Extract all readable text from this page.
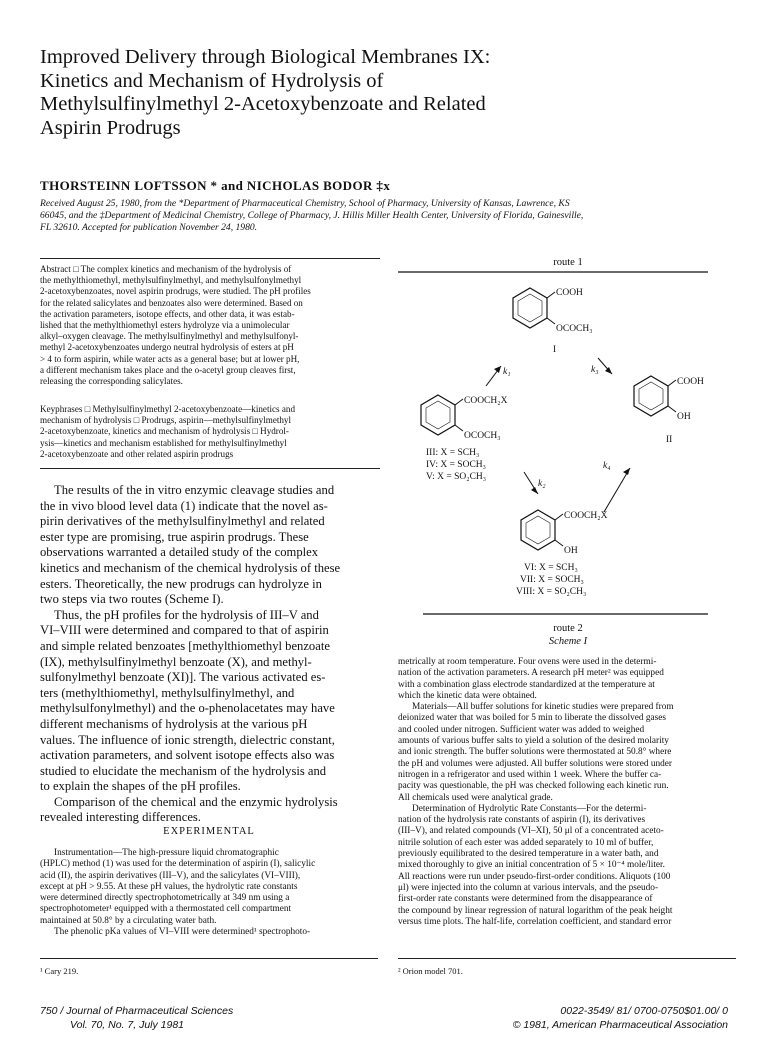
Improved Delivery through Biological Membranes IX:
Kinetics and Mechanism of Hydrolysis of
Methylsulfinylmethyl 2-Acetoxybenzoate and Related
Aspirin Prodrugs
THORSTEINN LOFTSSON * and NICHOLAS BODOR ‡x
Received August 25, 1980, from the *Department of Pharmaceutical Chemistry, School of Pharmacy, University of Kansas, Lawrence, KS
66045, and the ‡Department of Medicinal Chemistry, College of Pharmacy, J. Hillis Miller Health Center, University of Florida, Gainesville,
FL 32610. Accepted for publication November 24, 1980.
Abstract □ The complex kinetics and mechanism of the hydrolysis of
the methylthiomethyl, methylsulfinylmethyl, and methylsulfonylmethyl
2-acetoxybenzoates, novel aspirin prodrugs, were studied. The pH profiles
for the related salicylates and benzoates also were determined. Based on
the activation parameters, isotope effects, and other data, it was estab-
lished that the methylthiomethyl esters hydrolyze via a unimolecular
alkyl–oxygen cleavage. The methylsulfinylmethyl and methylsulfonyl-
methyl 2-acetoxybenzoates undergo neutral hydrolysis of esters at pH
> 4 to form aspirin, while water acts as a general base; but at lower pH,
a different mechanism takes place and the o-acetyl group cleaves first,
releasing the corresponding salicylates.
Keyphrases □ Methylsulfinylmethyl 2-acetoxybenzoate—kinetics and
mechanism of hydrolysis □ Prodrugs, aspirin—methylsulfinylmethyl
2-acetoxybenzoate, kinetics and mechanism of hydrolysis □ Hydrol-
ysis—kinetics and mechanism established for methylsulfinylmethyl
2-acetoxybenzoate and other related aspirin prodrugs
The results of the in vitro enzymic cleavage studies and
the in vivo blood level data (1) indicate that the novel as-
pirin derivatives of the methylsulfinylmethyl and related
ester type are promising, true aspirin prodrugs. These
observations warranted a detailed study of the complex
kinetics and mechanism of the chemical hydrolysis of these
esters. Theoretically, the new prodrugs can hydrolyze in
two steps via two routes (Scheme I).
Thus, the pH profiles for the hydrolysis of III–V and
VI–VIII were determined and compared to that of aspirin
and simple related benzoates [methylthiomethyl benzoate
(IX), methylsulfinylmethyl benzoate (X), and methyl-
sulfonylmethyl benzoate (XI)]. The various activated es-
ters (methylthiomethyl, methylsulfinylmethyl, and
methylsulfonylmethyl) and the o-phenolacetates may have
different mechanisms of hydrolysis at the various pH
values. The influence of ionic strength, dielectric constant,
activation parameters, and solvent isotope effects also was
studied to elucidate the mechanism of the hydrolysis and
to explain the shapes of the pH profiles.
Comparison of the chemical and the enzymic hydrolysis
revealed interesting differences.
EXPERIMENTAL
Instrumentation—The high-pressure liquid chromatographic
(HPLC) method (1) was used for the determination of aspirin (I), salicylic
acid (II), the aspirin derivatives (III–V), and the salicylates (VI–VIII),
except at pH > 9.55. At these pH values, the hydrolytic rate constants
were determined directly spectrophotometrically at 349 nm using a
spectrophotometer¹ equipped with a thermostated cell compartment
maintained at 50.8° by a circulating water bath.
The phenolic pKa values of VI–VIII were determined¹ spectrophoto-
route 1
COOH
OCOCH₃
I
k₁	k₃
COOCH₂X
OCOCH₃
III: X = SCH₃
IV: X = SOCH₃
V: X = SO₂CH₃
COOH
OH
II
k₂
k₄
COOCH₂X
OH
VI: X = SCH₃
VII: X = SOCH₃
VIII: X = SO₂CH₃
route 2
Scheme I
metrically at room temperature. Four ovens were used in the determi-
nation of the activation parameters. A research pH meter² was equipped
with a combination glass electrode standardized at the temperature at
which the kinetic data were obtained.
Materials—All buffer solutions for kinetic studies were prepared from
deionized water that was boiled for 5 min to liberate the dissolved gases
and cooled under nitrogen. Sufficient water was added to weighed
amounts of various buffer salts to yield a solution of the desired molarity
and ionic strength. The buffer solutions were thermostated at 50.8° where
the pH and volumes were adjusted. All buffer solutions were stored under
nitrogen in a refrigerator and used within 1 week. Where the buffer ca-
pacity was questionable, the pH was checked following each kinetic run.
All chemicals used were analytical grade.
Determination of Hydrolytic Rate Constants—For the determi-
nation of the hydrolysis rate constants of aspirin (I), its derivatives
(III–V), and related compounds (VI–XI), 50 μl of a concentrated aceto-
nitrile solution of each ester was added separately to 10 ml of buffer,
previously equilibrated to the desired temperature in a water bath, and
mixed thoroughly to give an initial concentration of 5 × 10⁻⁴ mole/liter.
All reactions were run under pseudo-first-order conditions. Aliquots (100
μl) were injected into the column at various intervals, and the pseudo-
first-order rate constants were determined from the disappearance of
the compound by linear regression of natural logarithm of the peak height
versus time plots. The half-life, correlation coefficient, and standard error
¹ Cary 219.	² Orion model 701.
750 / Journal of Pharmaceutical Sciences
Vol. 70, No. 7, July 1981
0022-3549/ 81/ 0700-0750$01.00/ 0
© 1981, American Pharmaceutical Association
